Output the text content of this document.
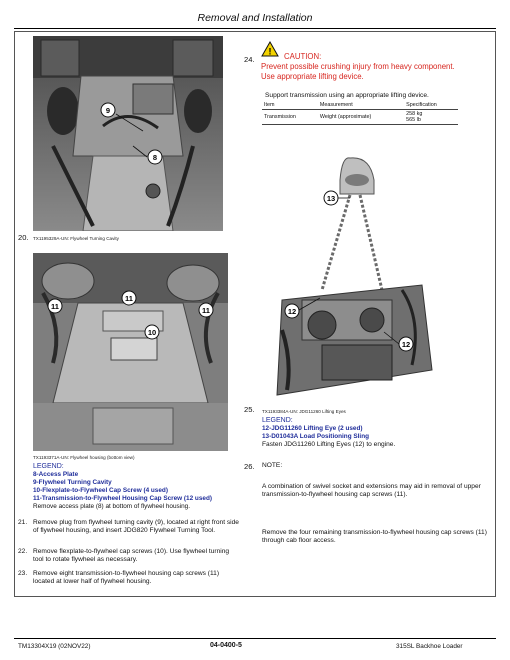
Removal and Installation
9
8
20. TX1195329A-UN: Flywheel Turning Cavity
11
11
11
10
TX1193371A-UN: Flywheel housing (bottom view)
LEGEND:
8-Access Plate
9-Flywheel Turning Cavity
10-Flexplate-to-Flywheel Cap Screw (4 used)
11-Transmission-to-Flywheel Housing Cap Screw (12 used)
Remove access plate (8) at bottom of flywheel housing.
21. Remove plug from flywheel turning cavity (9), located at right front side of flywheel housing, and insert JDG820 Flywheel Turning Tool.
22. Remove flexplate-to-flywheel cap screws (10). Use flywheel turning tool to rotate flywheel as necessary.
23. Remove eight transmission-to-flywheel housing cap screws (11) located at lower half of flywheel housing.
24.
! CAUTION:
Prevent possible crushing injury from heavy component.
Use appropriate lifting device.
Support transmission using an appropriate lifting device.
Item	Measurement	Specification
Transmission	Weight (approximate)	258 kg
565 lb
13
12
12
25. TX1193384A-UN: JDG11260 Lifting Eyes
LEGEND:
12-JDG11260 Lifting Eye (2 used)
13-D01043A Load Positioning Sling
Fasten JDG11260 Lifting Eyes (12) to engine.
26. NOTE:
A combination of swivel socket and extensions may aid in removal of upper transmission-to-flywheel housing cap screws (11).
Remove the four remaining transmission-to-flywheel housing cap screws (11) through cab floor access.
TM13304X19 (02NOV22)	04-0400-5	315SL Backhoe Loader
